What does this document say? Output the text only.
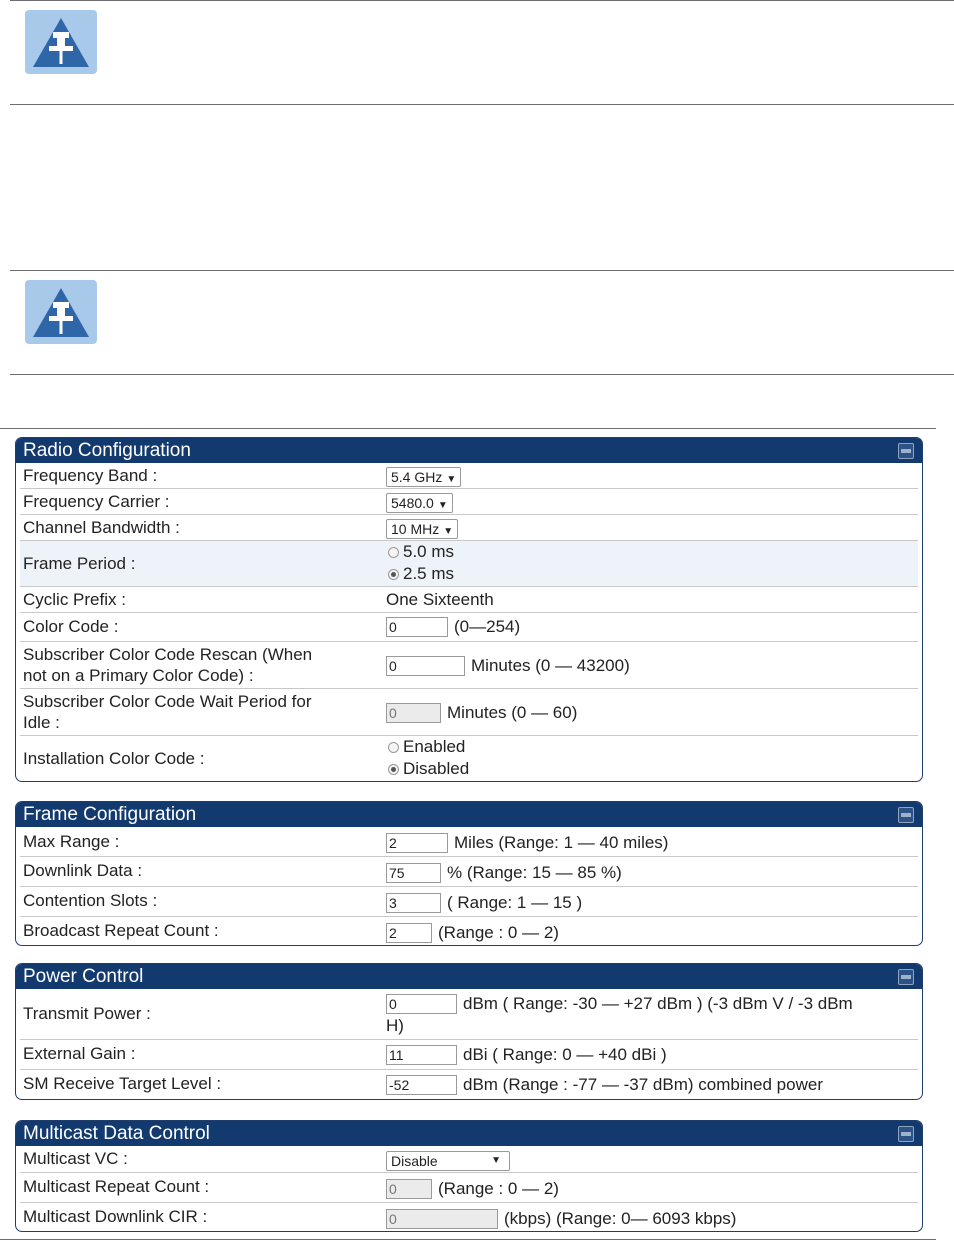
Radio Configuration
Frequency Band :	5.4 GHz ▼
Frequency Carrier :	5480.0 ▼
Channel Bandwidth :	10 MHz ▼
Frame Period :
5.0 ms
2.5 ms
Cyclic Prefix :	One Sixteenth
Color Code :	0	(0—254)
Subscriber Color Code Rescan (When
not on a Primary Color Code) :
0	Minutes (0 — 43200)
Subscriber Color Code Wait Period for
Idle :
0	Minutes (0 — 60)
Installation Color Code :
Enabled
Disabled
Frame Configuration
Max Range :	2	Miles (Range: 1 — 40 miles)
Downlink Data :	75 % (Range: 15 — 85 %)
Contention Slots :	3	( Range: 1 — 15 )
Broadcast Repeat Count :	2 (Range : 0 — 2)
Power Control
Transmit Power :
0	dBm ( Range: -30 — +27 dBm ) (-3 dBm V / -3 dBm
H)
External Gain :	11	dBi ( Range: 0 — +40 dBi )
SM Receive Target Level :	-52	dBm (Range : -77 — -37 dBm) combined power
Multicast Data Control
Multicast VC :	Disable	▼
Multicast Repeat Count :	0 (Range : 0 — 2)
Multicast Downlink CIR :	0	(kbps) (Range: 0— 6093 kbps)
